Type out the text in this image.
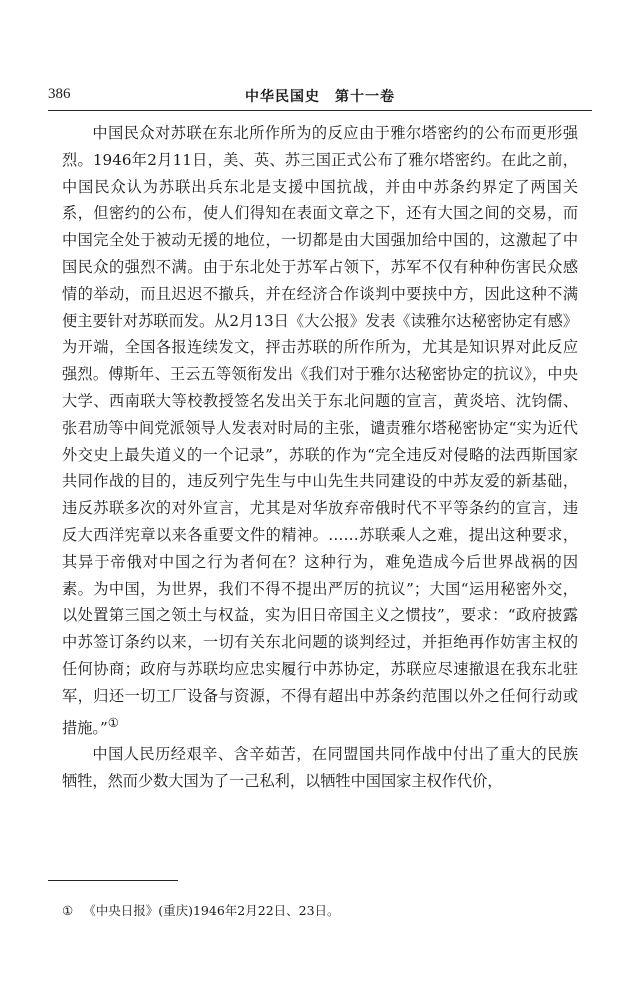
386	中华民国史　第十一卷

中国民众对苏联在东北所作所为的反应由于雅尔塔密约的公布而更形强烈。1946年2月11日，美、英、苏三国正式公布了雅尔塔密约。在此之前，中国民众认为苏联出兵东北是支援中国抗战，并由中苏条约界定了两国关系，但密约的公布，使人们得知在表面文章之下，还有大国之间的交易，而中国完全处于被动无援的地位，一切都是由大国强加给中国的，这激起了中国民众的强烈不满。由于东北处于苏军占领下，苏军不仅有种种伤害民众感情的举动，而且迟迟不撤兵，并在经济合作谈判中要挟中方，因此这种不满便主要针对苏联而发。从2月13日《大公报》发表《读雅尔达秘密协定有感》为开端，全国各报连续发文，抨击苏联的所作所为，尤其是知识界对此反应强烈。傅斯年、王云五等领衔发出《我们对于雅尔达秘密协定的抗议》，中央大学、西南联大等校教授签名发出关于东北问题的宣言，黄炎培、沈钧儒、张君劢等中间党派领导人发表对时局的主张，谴责雅尔塔秘密协定“实为近代外交史上最失道义的一个记录”，苏联的作为“完全违反对侵略的法西斯国家共同作战的目的，违反列宁先生与中山先生共同建设的中苏友爱的新基础，违反苏联多次的对外宣言，尤其是对华放弃帝俄时代不平等条约的宣言，违反大西洋宪章以来各重要文件的精神。……苏联乘人之难，提出这种要求，其异于帝俄对中国之行为者何在？这种行为，难免造成今后世界战祸的因素。为中国，为世界，我们不得不提出严厉的抗议”；大国“运用秘密外交，以处置第三国之领土与权益，实为旧日帝国主义之惯技”，要求：“政府披露中苏签订条约以来，一切有关东北问题的谈判经过，并拒绝再作妨害主权的任何协商；政府与苏联均应忠实履行中苏协定，苏联应尽速撤退在我东北驻军，归还一切工厂设备与资源，不得有超出中苏条约范围以外之任何行动或措施。”①

中国人民历经艰辛、含辛茹苦，在同盟国共同作战中付出了重大的民族牺牲，然而少数大国为了一己私利，以牺牲中国国家主权作代价，

① 《中央日报》(重庆)1946年2月22日、23日。
